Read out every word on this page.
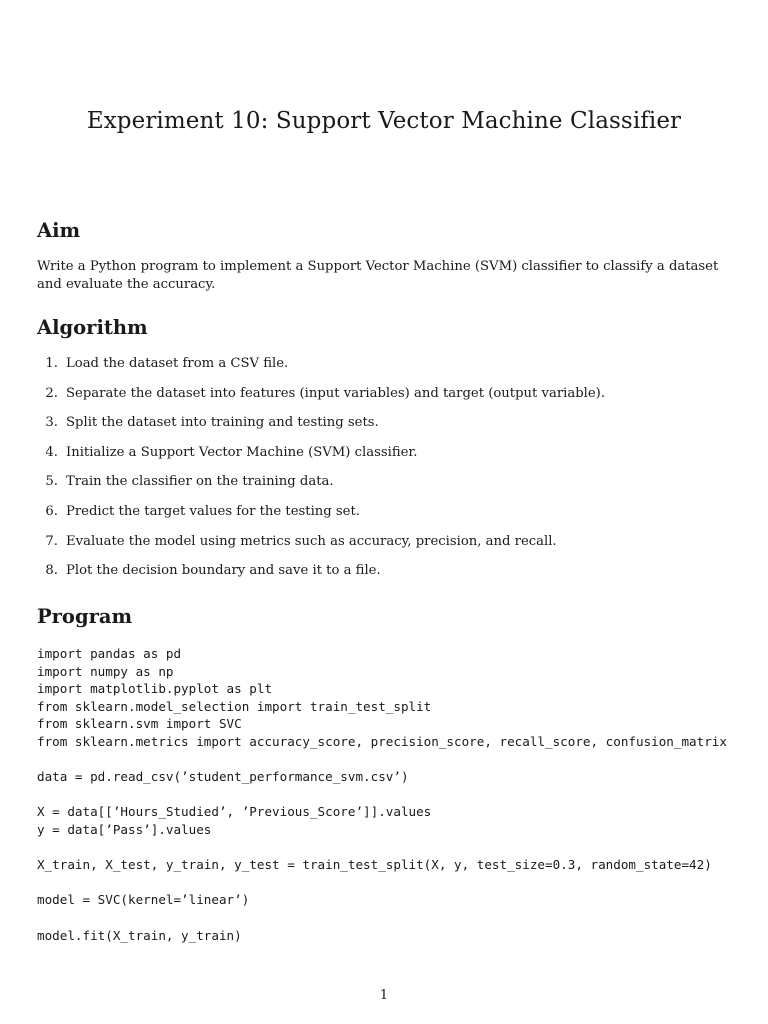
Experiment 10: Support Vector Machine Classifier
Aim

Write a Python program to implement a Support Vector Machine (SVM) classifier to classify a dataset and evaluate the accuracy.

Algorithm
1. Load the dataset from a CSV file.
2. Separate the dataset into features (input variables) and target (output variable).
3. Split the dataset into training and testing sets.
4. Initialize a Support Vector Machine (SVM) classifier.
5. Train the classifier on the training data.
6. Predict the target values for the testing set.
7. Evaluate the model using metrics such as accuracy, precision, and recall.
8. Plot the decision boundary and save it to a file.
Program
import pandas as pd
import numpy as np
import matplotlib.pyplot as plt
from sklearn.model_selection import train_test_split
from sklearn.svm import SVC
from sklearn.metrics import accuracy_score, precision_score, recall_score, confusion_matrix
data = pd.read_csv(’student_performance_svm.csv’)
X = data[[’Hours_Studied’, ’Previous_Score’]].values
y = data[’Pass’].values
X_train, X_test, y_train, y_test = train_test_split(X, y, test_size=0.3, random_state=42)
model = SVC(kernel=’linear’)
model.fit(X_train, y_train)

1
